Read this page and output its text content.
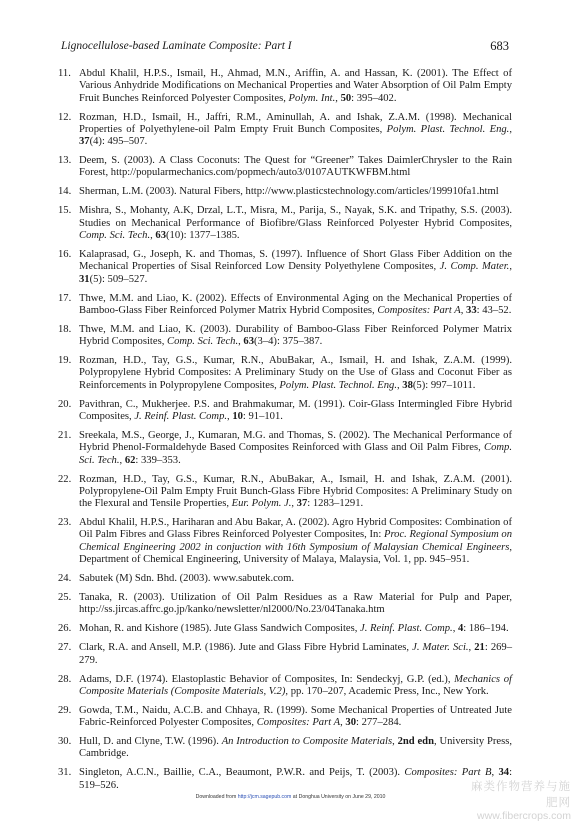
Lignocellulose-based Laminate Composite: Part I	683
11. Abdul Khalil, H.P.S., Ismail, H., Ahmad, M.N., Ariffin, A. and Hassan, K. (2001). The Effect of Various Anhydride Modifications on Mechanical Properties and Water Absorption of Oil Palm Empty Fruit Bunches Reinforced Polyester Composites, Polym. Int., 50: 395–402.
12. Rozman, H.D., Ismail, H., Jaffri, R.M., Aminullah, A. and Ishak, Z.A.M. (1998). Mechanical Properties of Polyethylene-oil Palm Empty Fruit Bunch Composites, Polym. Plast. Technol. Eng., 37(4): 495–507.
13. Deem, S. (2003). A Class Coconuts: The Quest for “Greener” Takes DaimlerChrysler to the Rain Forest, http://popularmechanics.com/popmech/auto3/0107AUTKWFBM.html
14. Sherman, L.M. (2003). Natural Fibers, http://www.plasticstechnology.com/articles/199910fa1.html
15. Mishra, S., Mohanty, A.K, Drzal, L.T., Misra, M., Parija, S., Nayak, S.K. and Tripathy, S.S. (2003). Studies on Mechanical Performance of Biofibre/Glass Reinforced Polyester Hybrid Composites, Comp. Sci. Tech., 63(10): 1377–1385.
16. Kalaprasad, G., Joseph, K. and Thomas, S. (1997). Influence of Short Glass Fiber Addition on the Mechanical Properties of Sisal Reinforced Low Density Polyethylene Composites, J. Comp. Mater., 31(5): 509–527.
17. Thwe, M.M. and Liao, K. (2002). Effects of Environmental Aging on the Mechanical Properties of Bamboo-Glass Fiber Reinforced Polymer Matrix Hybrid Composites, Composites: Part A, 33: 43–52.
18. Thwe, M.M. and Liao, K. (2003). Durability of Bamboo-Glass Fiber Reinforced Polymer Matrix Hybrid Composites, Comp. Sci. Tech., 63(3–4): 375–387.
19. Rozman, H.D., Tay, G.S., Kumar, R.N., AbuBakar, A., Ismail, H. and Ishak, Z.A.M. (1999). Polypropylene Hybrid Composites: A Preliminary Study on the Use of Glass and Coconut Fiber as Reinforcements in Polypropylene Composites, Polym. Plast. Technol. Eng., 38(5): 997–1011.
20. Pavithran, C., Mukherjee. P.S. and Brahmakumar, M. (1991). Coir-Glass Intermingled Fibre Hybrid Composites, J. Reinf. Plast. Comp., 10: 91–101.
21. Sreekala, M.S., George, J., Kumaran, M.G. and Thomas, S. (2002). The Mechanical Performance of Hybrid Phenol-Formaldehyde Based Composites Reinforced with Glass and Oil Palm Fibres, Comp. Sci. Tech., 62: 339–353.
22. Rozman, H.D., Tay, G.S., Kumar, R.N., AbuBakar, A., Ismail, H. and Ishak, Z.A.M. (2001). Polypropylene-Oil Palm Empty Fruit Bunch-Glass Fibre Hybrid Composites: A Preliminary Study on the Flexural and Tensile Properties, Eur. Polym. J., 37: 1283–1291.
23. Abdul Khalil, H.P.S., Hariharan and Abu Bakar, A. (2002). Agro Hybrid Composites: Combination of Oil Palm Fibres and Glass Fibres Reinforced Polyester Composites, In: Proc. Regional Symposium on Chemical Engineering 2002 in conjuction with 16th Symposium of Malaysian Chemical Engineers, Department of Chemical Engineering, University of Malaya, Malaysia, Vol. 1, pp. 945–951.
24. Sabutek (M) Sdn. Bhd. (2003). www.sabutek.com.
25. Tanaka, R. (2003). Utilization of Oil Palm Residues as a Raw Material for Pulp and Paper, http://ss.jircas.affrc.go.jp/kanko/newsletter/nl2000/No.23/04Tanaka.htm
26. Mohan, R. and Kishore (1985). Jute Glass Sandwich Composites, J. Reinf. Plast. Comp., 4: 186–194.
27. Clark, R.A. and Ansell, M.P. (1986). Jute and Glass Fibre Hybrid Laminates, J. Mater. Sci., 21: 269–279.
28. Adams, D.F. (1974). Elastoplastic Behavior of Composites, In: Sendeckyj, G.P. (ed.), Mechanics of Composite Materials (Composite Materials, V.2), pp. 170–207, Academic Press, Inc., New York.
29. Gowda, T.M., Naidu, A.C.B. and Chhaya, R. (1999). Some Mechanical Properties of Untreated Jute Fabric-Reinforced Polyester Composites, Composites: Part A, 30: 277–284.
30. Hull, D. and Clyne, T.W. (1996). An Introduction to Composite Materials, 2nd edn, University Press, Cambridge.
31. Singleton, A.C.N., Baillie, C.A., Beaumont, P.W.R. and Peijs, T. (2003). Composites: Part B, 34: 519–526.
Downloaded from http://jcm.sagepub.com at Donghua University on June 29, 2010
麻类作物营养与施肥网
www.fibercrops.com
